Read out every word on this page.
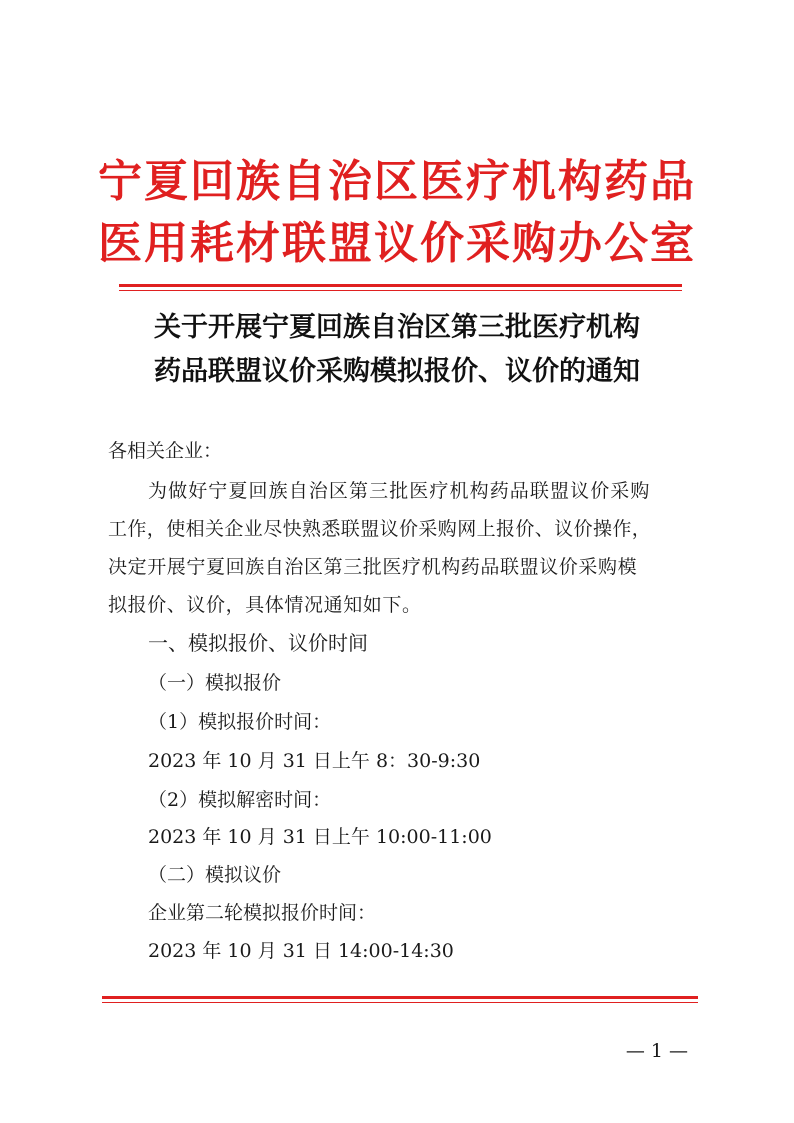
宁夏回族自治区医疗机构药品
医用耗材联盟议价采购办公室
关于开展宁夏回族自治区第三批医疗机构
药品联盟议价采购模拟报价、议价的通知
各相关企业：
为做好宁夏回族自治区第三批医疗机构药品联盟议价采购
工作，使相关企业尽快熟悉联盟议价采购网上报价、议价操作，
决定开展宁夏回族自治区第三批医疗机构药品联盟议价采购模
拟报价、议价，具体情况通知如下。
一、模拟报价、议价时间
（一）模拟报价
（1）模拟报价时间：
2023 年 10 月 31 日上午 8：30-9:30
（2）模拟解密时间：
2023 年 10 月 31 日上午 10:00-11:00
（二）模拟议价
企业第二轮模拟报价时间：
2023 年 10 月 31 日 14:00-14:30
— 1 —
